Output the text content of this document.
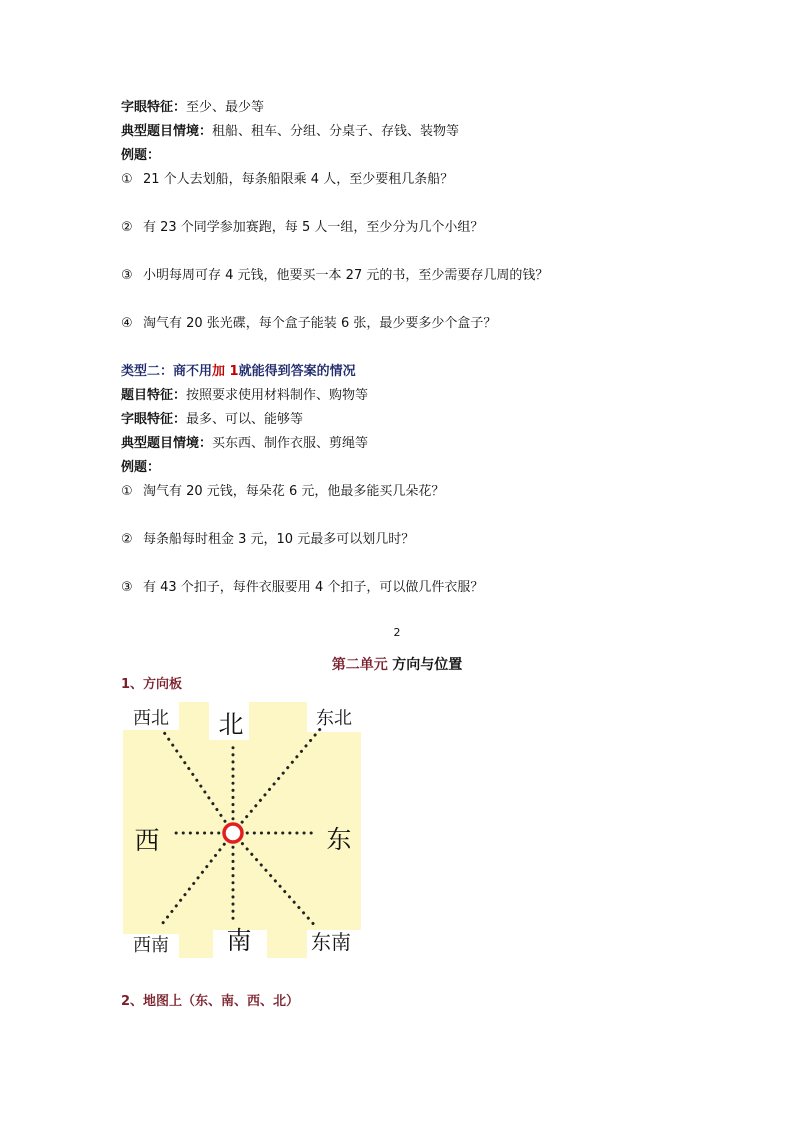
字眼特征：至少、最少等
典型题目情境：租船、租车、分组、分桌子、存钱、装物等
例题：
① 21 个人去划船，每条船限乘 4 人，至少要租几条船？
② 有 23 个同学参加赛跑，每 5 人一组，至少分为几个小组？
③ 小明每周可存 4 元钱，他要买一本 27 元的书，至少需要存几周的钱？
④ 淘气有 20 张光碟，每个盒子能装 6 张，最少要多少个盒子？
类型二：商不用加 1就能得到答案的情况
题目特征：按照要求使用材料制作、购物等
字眼特征：最多、可以、能够等
典型题目情境：买东西、制作衣服、剪绳等
例题：
① 淘气有 20 元钱，每朵花 6 元，他最多能买几朵花？
② 每条船每时租金 3 元，10 元最多可以划几时？
③ 有 43 个扣子，每件衣服要用 4 个扣子，可以做几件衣服？
2
第二单元 方向与位置
1、方向板
北
南
东
西
西北	东北
西南	东南
2、地图上（东、南、西、北）
